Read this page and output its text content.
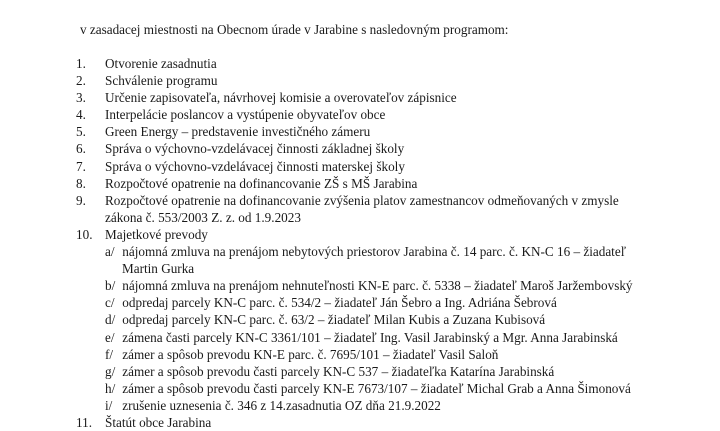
v zasadacej miestnosti na Obecnom úrade v Jarabine s nasledovným programom:
1.	Otvorenie zasadnutia
2.	Schválenie programu
3.	Určenie zapisovateľa, návrhovej komisie a overovateľov zápisnice
4.	Interpelácie poslancov a vystúpenie obyvateľov obce
5.	Green Energy – predstavenie investičného zámeru
6.	Správa o výchovno-vzdelávacej činnosti základnej školy
7.	Správa o výchovno-vzdelávacej činnosti materskej školy
8.	Rozpočtové opatrenie na dofinancovanie ZŠ s MŠ Jarabina
9.	Rozpočtové opatrenie na dofinancovanie zvýšenia platov zamestnancov odmeňovaných v zmysle
zákona č. 553/2003 Z. z. od 1.9.2023
10. Majetkové prevody
a/ nájomná zmluva na prenájom nebytových priestorov Jarabina č. 14 parc. č. KN-C 16 – žiadateľ
Martin Gurka
b/ nájomná zmluva na prenájom nehnuteľnosti KN-E parc. č. 5338 – žiadateľ Maroš Jaržembovský
c/ odpredaj parcely KN-C parc. č. 534/2 – žiadateľ Ján Šebro a Ing. Adriána Šebrová
d/ odpredaj parcely KN-C parc. č. 63/2 – žiadateľ Milan Kubis a Zuzana Kubisová
e/ zámena časti parcely KN-C 3361/101 – žiadateľ Ing. Vasil Jarabinský a Mgr. Anna Jarabinská
f/ zámer a spôsob prevodu KN-E parc. č. 7695/101 – žiadateľ Vasil Saloň
g/ zámer a spôsob prevodu časti parcely KN-C 537 – žiadateľka Katarína Jarabinská
h/ zámer a spôsob prevodu časti parcely KN-E 7673/107 – žiadateľ Michal Grab a Anna Šimonová
i/ zrušenie uznesenia č. 346 z 14.zasadnutia OZ dňa 21.9.2022
11. Štatút obce Jarabina
